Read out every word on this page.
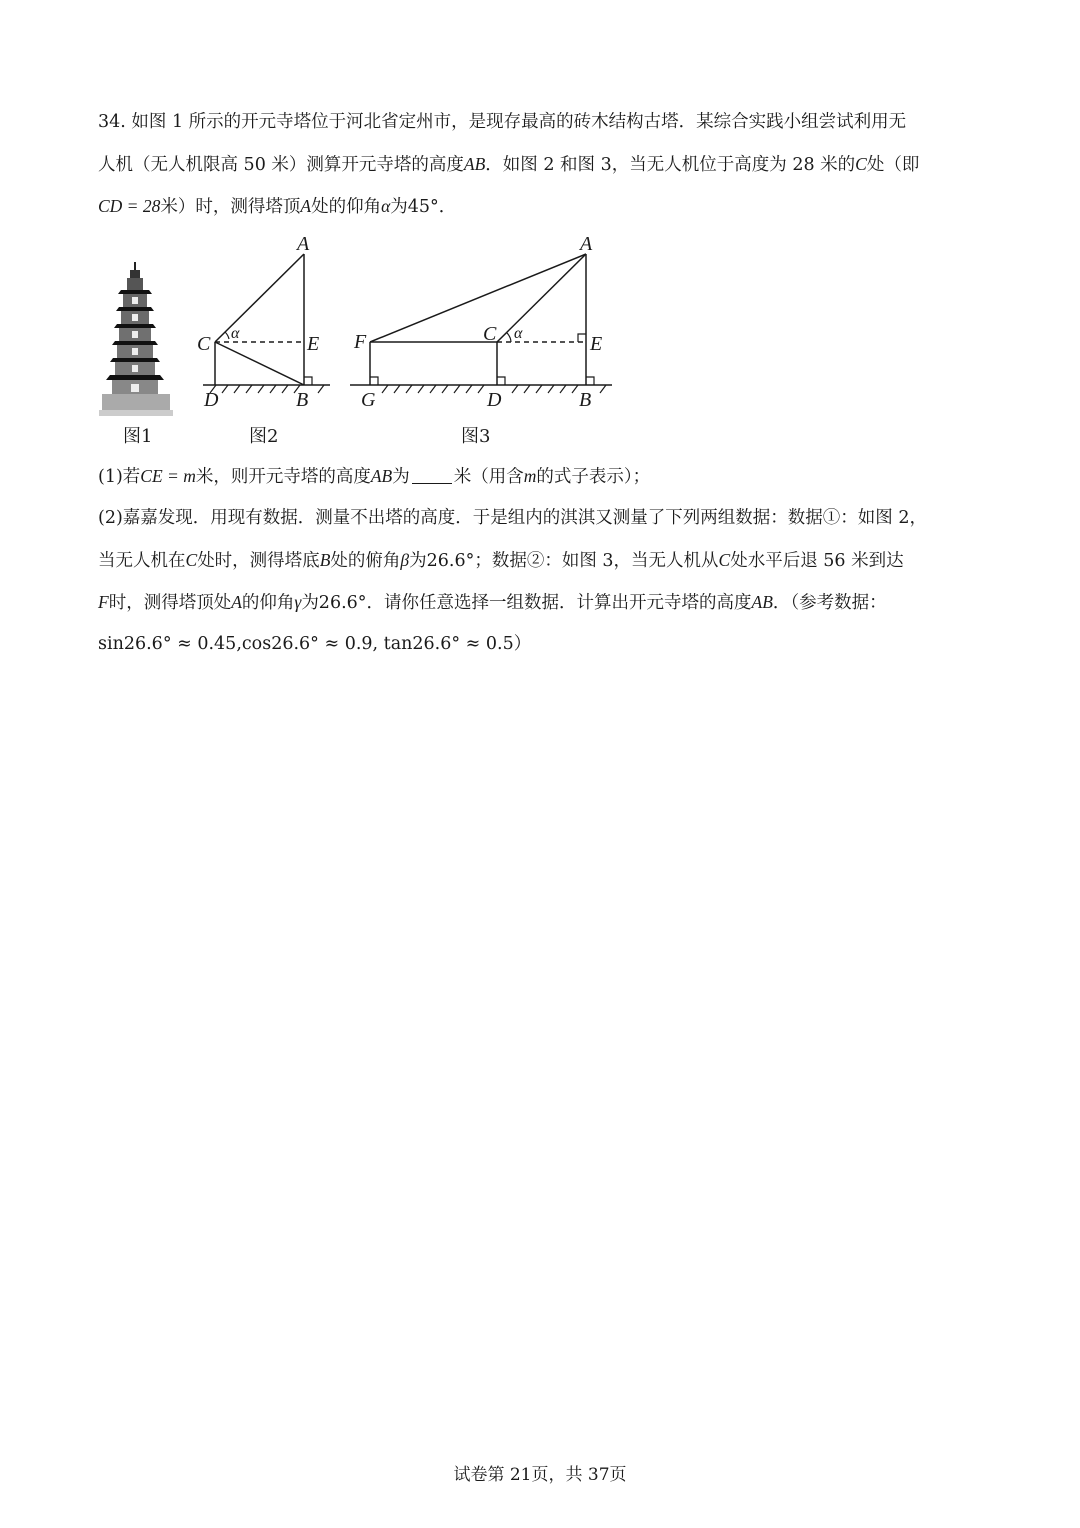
34. 如图 1 所示的开元寺塔位于河北省定州市，是现存最高的砖木结构古塔．某综合实践小组尝试利用无
人机（无人机限高 50 米）测算开元寺塔的高度AB．如图 2 和图 3，当无人机位于高度为 28 米的C处（即
CD = 28米）时，测得塔顶A处的仰角α为45°．
A
C	E
D	B
α
A
F	C	E
G	D	B
α
图1	图2	图3
(1)若CE = m米，则开元寺塔的高度AB为	米（用含m的式子表示）；
(2)嘉嘉发现．用现有数据．测量不出塔的高度．于是组内的淇淇又测量了下列两组数据：数据①：如图 2，
当无人机在C处时，测得塔底B处的俯角β为26.6°；数据②：如图 3，当无人机从C处水平后退 56 米到达
F时，测得塔顶处A的仰角γ为26.6°．请你任意选择一组数据．计算出开元寺塔的高度AB．（参考数据：
sin26.6° ≈ 0.45,cos26.6° ≈ 0.9, tan26.6° ≈ 0.5）
试卷第 21页，共 37页
